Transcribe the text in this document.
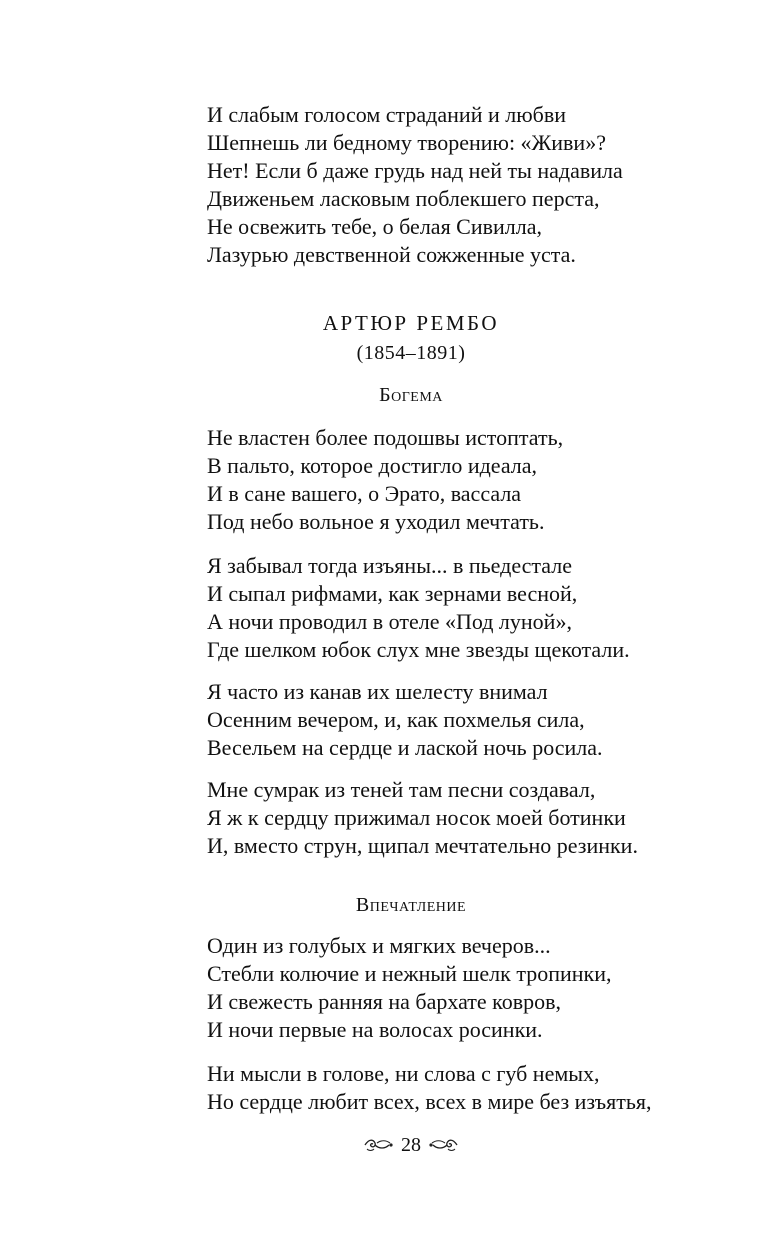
И слабым голосом страданий и любви
Шепнешь ли бедному творению: «Живи»?
Нет! Если б даже грудь над ней ты надавила
Движеньем ласковым поблекшего перста,
Не освежить тебе, о белая Сивилла,
Лазурью девственной сожженные уста.
АРТЮР РЕМБО
(1854–1891)
Богема
Не властен более подошвы истоптать,
В пальто, которое достигло идеала,
И в сане вашего, о Эрато, вассала
Под небо вольное я уходил мечтать.
Я забывал тогда изъяны... в пьедестале
И сыпал рифмами, как зернами весной,
А ночи проводил в отеле «Под луной»,
Где шелком юбок слух мне звезды щекотали.
Я часто из канав их шелесту внимал
Осенним вечером, и, как похмелья сила,
Весельем на сердце и лаской ночь росила.
Мне сумрак из теней там песни создавал,
Я ж к сердцу прижимал носок моей ботинки
И, вместо струн, щипал мечтательно резинки.
Впечатление
Один из голубых и мягких вечеров...
Стебли колючие и нежный шелк тропинки,
И свежесть ранняя на бархате ковров,
И ночи первые на волосах росинки.
Ни мысли в голове, ни слова с губ немых,
Но сердце любит всех, всех в мире без изъятья,
28
